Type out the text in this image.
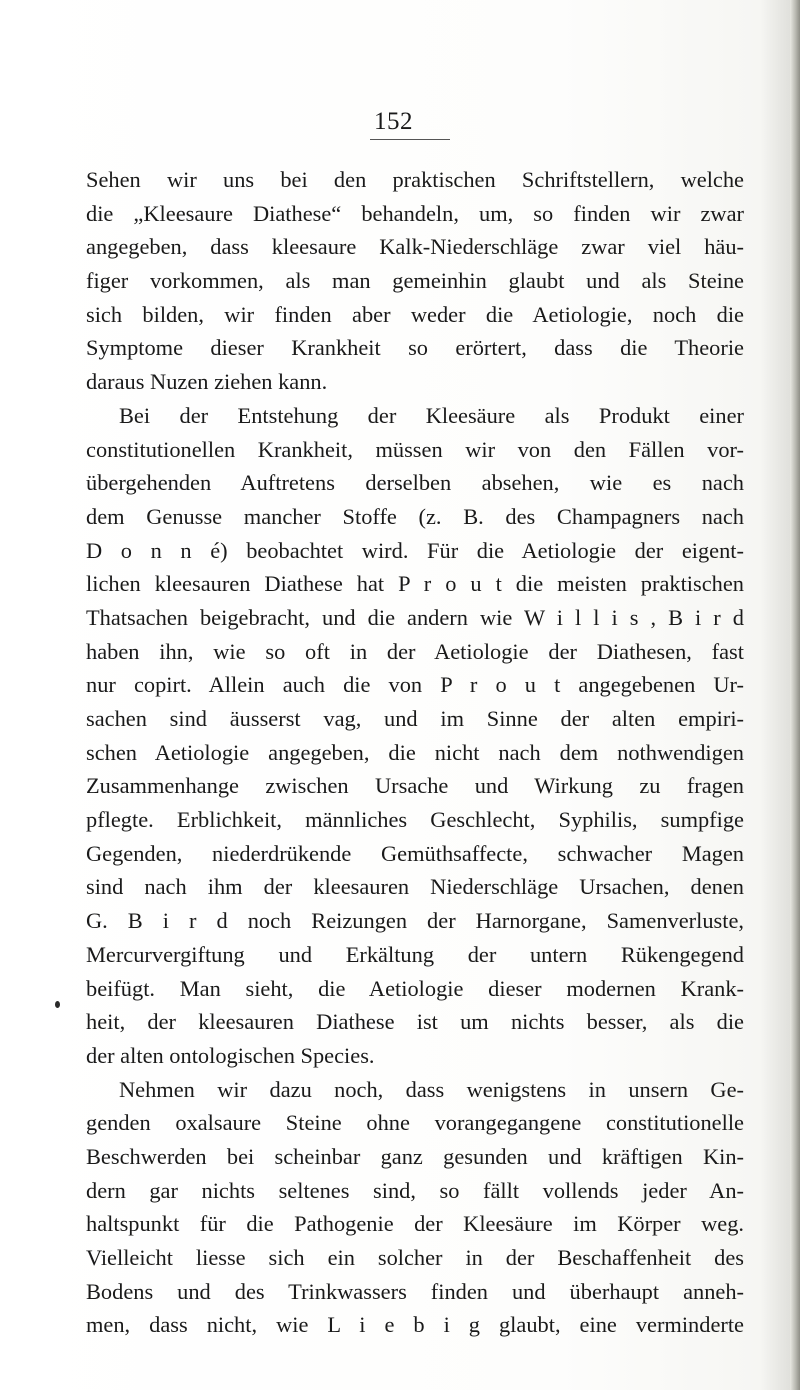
152
Sehen wir uns bei den praktischen Schriftstellern, welche
die „Kleesaure Diathese“ behandeln, um, so finden wir zwar
angegeben, dass kleesaure Kalk-Niederschläge zwar viel häu-
figer vorkommen, als man gemeinhin glaubt und als Steine
sich bilden, wir finden aber weder die Aetiologie, noch die
Symptome dieser Krankheit so erörtert, dass die Theorie
daraus Nuzen ziehen kann.
Bei der Entstehung der Kleesäure als Produkt einer
constitutionellen Krankheit, müssen wir von den Fällen vor-
übergehenden Auftretens derselben absehen, wie es nach
dem Genusse mancher Stoffe (z. B. des Champagners nach
D o n n é) beobachtet wird. Für die Aetiologie der eigent-
lichen kleesauren Diathese hat P r o u t die meisten praktischen
Thatsachen beigebracht, und die andern wie W i l l i s , B i r d
haben ihn, wie so oft in der Aetiologie der Diathesen, fast
nur copirt. Allein auch die von P r o u t angegebenen Ur-
sachen sind äusserst vag, und im Sinne der alten empiri-
schen Aetiologie angegeben, die nicht nach dem nothwendigen
Zusammenhange zwischen Ursache und Wirkung zu fragen
pflegte. Erblichkeit, männliches Geschlecht, Syphilis, sumpfige
Gegenden, niederdrükende Gemüthsaffecte, schwacher Magen
sind nach ihm der kleesauren Niederschläge Ursachen, denen
G. B i r d noch Reizungen der Harnorgane, Samenverluste,
Mercurvergiftung und Erkältung der untern Rükengegend
beifügt. Man sieht, die Aetiologie dieser modernen Krank-
heit, der kleesauren Diathese ist um nichts besser, als die
der alten ontologischen Species.
Nehmen wir dazu noch, dass wenigstens in unsern Ge-
genden oxalsaure Steine ohne vorangegangene constitutionelle
Beschwerden bei scheinbar ganz gesunden und kräftigen Kin-
dern gar nichts seltenes sind, so fällt vollends jeder An-
haltspunkt für die Pathogenie der Kleesäure im Körper weg.
Vielleicht liesse sich ein solcher in der Beschaffenheit des
Bodens und des Trinkwassers finden und überhaupt anneh-
men, dass nicht, wie L i e b i g glaubt, eine verminderte
